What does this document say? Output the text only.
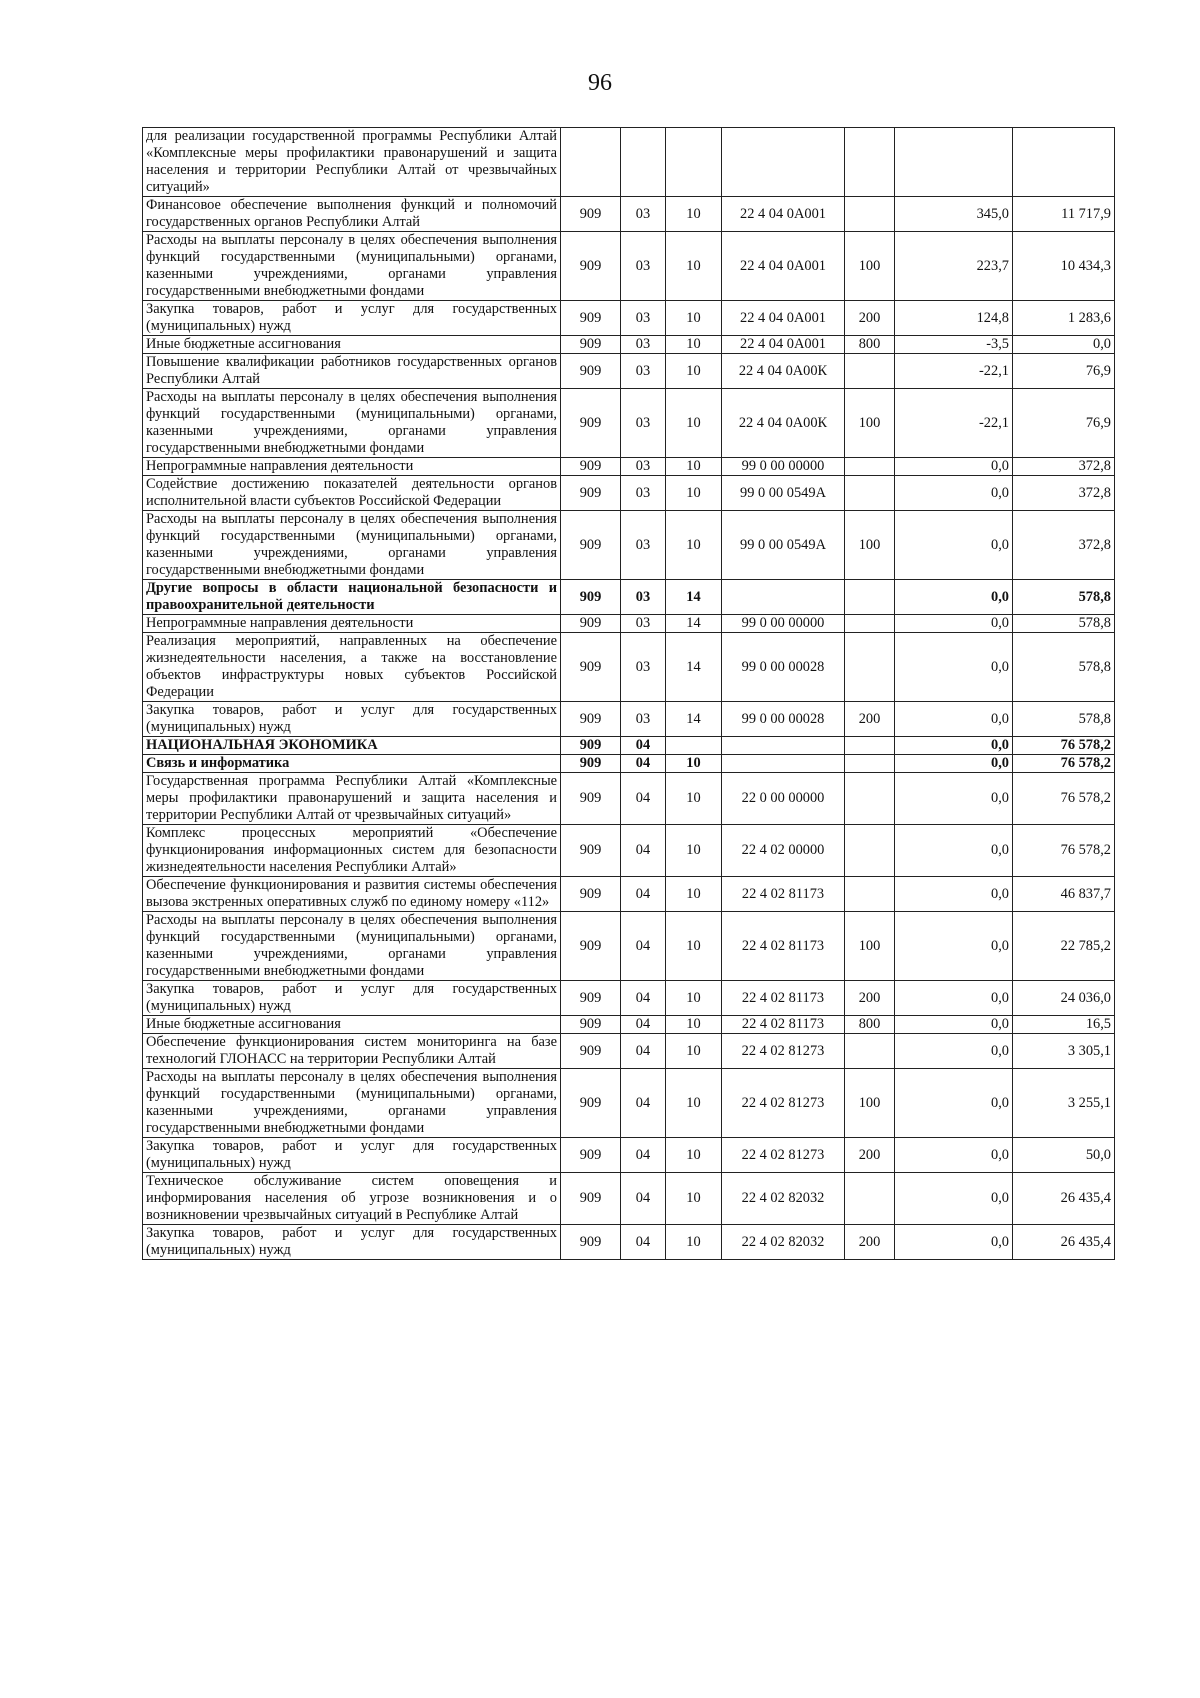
96
для реализации государственной программы Республики Алтай «Комплексные меры профилактики правонарушений и защита населения и территории Республики Алтай от чрезвычайных ситуаций»							
Финансовое обеспечение выполнения функций и полномочий государственных органов Республики Алтай	909	03	10	22 4 04 0А001		345,0	11 717,9
Расходы на выплаты персоналу в целях обеспечения выполнения функций государственными (муниципальными) органами, казенными учреждениями, органами управления государственными внебюджетными фондами	909	03	10	22 4 04 0А001	100	223,7	10 434,3
Закупка товаров, работ и услуг для государственных (муниципальных) нужд	909	03	10	22 4 04 0А001	200	124,8	1 283,6
Иные бюджетные ассигнования	909	03	10	22 4 04 0А001	800	-3,5	0,0
Повышение квалификации работников государственных органов Республики Алтай	909	03	10	22 4 04 0А00К		-22,1	76,9
Расходы на выплаты персоналу в целях обеспечения выполнения функций государственными (муниципальными) органами, казенными учреждениями, органами управления государственными внебюджетными фондами	909	03	10	22 4 04 0А00К	100	-22,1	76,9
Непрограммные направления деятельности	909	03	10	99 0 00 00000		0,0	372,8
Содействие достижению показателей деятельности органов исполнительной власти субъектов Российской Федерации	909	03	10	99 0 00 0549А		0,0	372,8
Расходы на выплаты персоналу в целях обеспечения выполнения функций государственными (муниципальными) органами, казенными учреждениями, органами управления государственными внебюджетными фондами	909	03	10	99 0 00 0549А	100	0,0	372,8
Другие вопросы в области национальной безопасности и правоохранительной деятельности	909	03	14			0,0	578,8
Непрограммные направления деятельности	909	03	14	99 0 00 00000		0,0	578,8
Реализация мероприятий, направленных на обеспечение жизнедеятельности населения, а также на восстановление объектов инфраструктуры новых субъектов Российской Федерации	909	03	14	99 0 00 00028		0,0	578,8
Закупка товаров, работ и услуг для государственных (муниципальных) нужд	909	03	14	99 0 00 00028	200	0,0	578,8
НАЦИОНАЛЬНАЯ ЭКОНОМИКА	909	04				0,0	76 578,2
Связь и информатика	909	04	10			0,0	76 578,2
Государственная программа Республики Алтай «Комплексные меры профилактики правонарушений и защита населения и территории Республики Алтай от чрезвычайных ситуаций»	909	04	10	22 0 00 00000		0,0	76 578,2
Комплекс процессных мероприятий «Обеспечение функционирования информационных систем для безопасности жизнедеятельности населения Республики Алтай»	909	04	10	22 4 02 00000		0,0	76 578,2
Обеспечение функционирования и развития системы обеспечения вызова экстренных оперативных служб по единому номеру «112»	909	04	10	22 4 02 81173		0,0	46 837,7
Расходы на выплаты персоналу в целях обеспечения выполнения функций государственными (муниципальными) органами, казенными учреждениями, органами управления государственными внебюджетными фондами	909	04	10	22 4 02 81173	100	0,0	22 785,2
Закупка товаров, работ и услуг для государственных (муниципальных) нужд	909	04	10	22 4 02 81173	200	0,0	24 036,0
Иные бюджетные ассигнования	909	04	10	22 4 02 81173	800	0,0	16,5
Обеспечение функционирования систем мониторинга на базе технологий ГЛОНАСС на территории Республики Алтай	909	04	10	22 4 02 81273		0,0	3 305,1
Расходы на выплаты персоналу в целях обеспечения выполнения функций государственными (муниципальными) органами, казенными учреждениями, органами управления государственными внебюджетными фондами	909	04	10	22 4 02 81273	100	0,0	3 255,1
Закупка товаров, работ и услуг для государственных (муниципальных) нужд	909	04	10	22 4 02 81273	200	0,0	50,0
Техническое обслуживание систем оповещения и информирования населения об угрозе возникновения и о возникновении чрезвычайных ситуаций в Республике Алтай	909	04	10	22 4 02 82032		0,0	26 435,4
Закупка товаров, работ и услуг для государственных (муниципальных) нужд	909	04	10	22 4 02 82032	200	0,0	26 435,4
